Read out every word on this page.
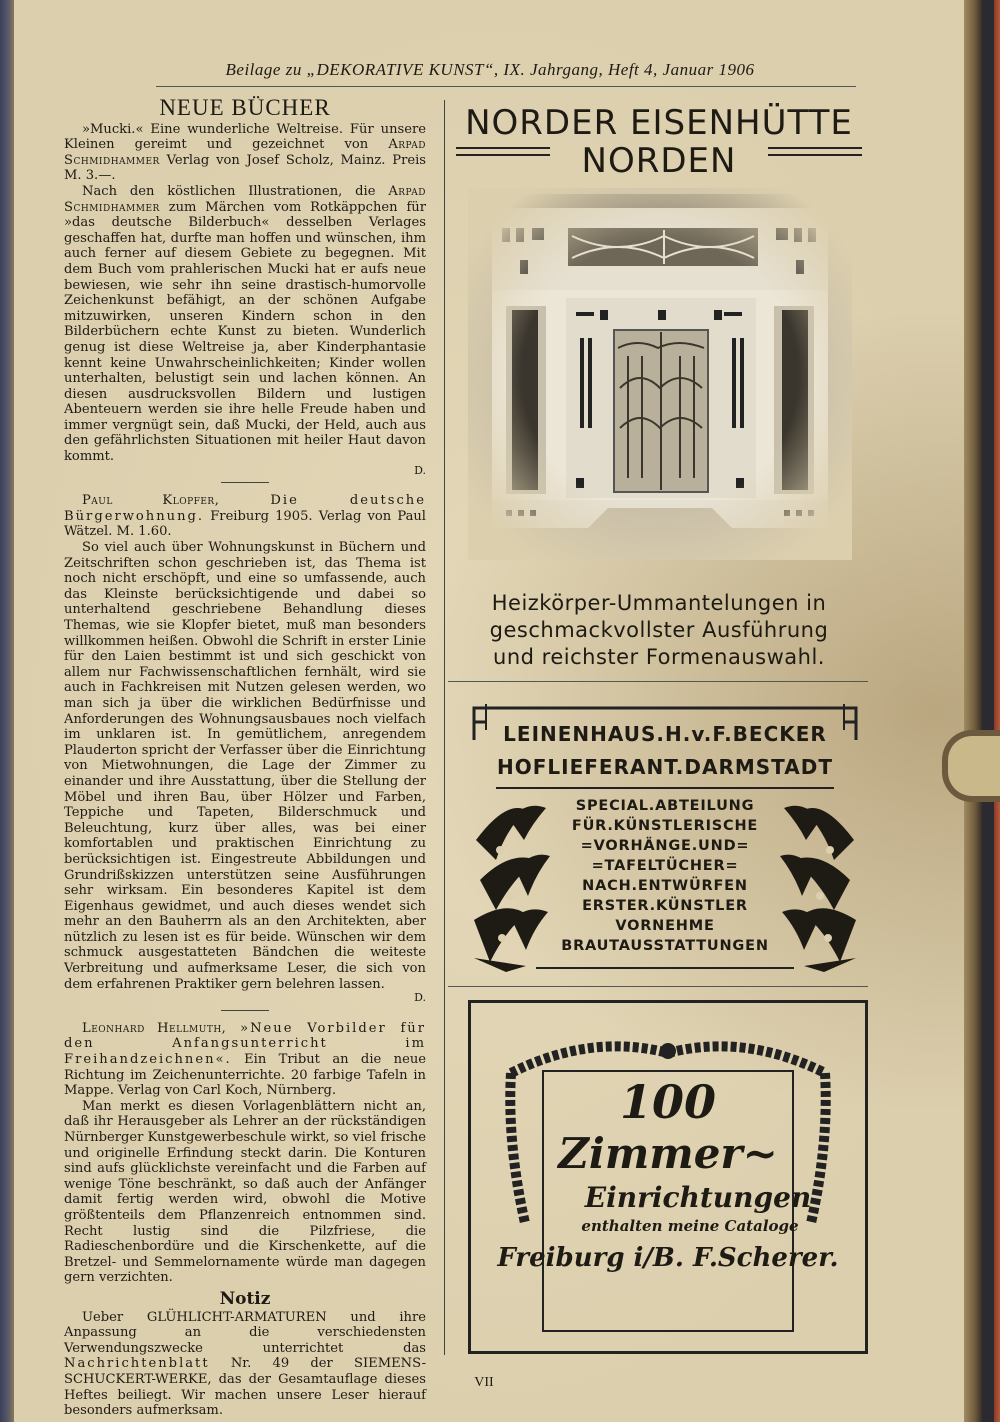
Beilage zu „DEKORATIVE KUNST“, IX. Jahrgang, Heft 4, Januar 1906
NEUE BÜCHER

»Mucki.« Eine wunderliche Weltreise. Für unsere Kleinen gereimt und gezeichnet von Arpad Schmidhammer Verlag von Josef Scholz, Mainz. Preis M. 3.—.

Nach den köstlichen Illustrationen, die Arpad Schmidhammer zum Märchen vom Rotkäppchen für »das deutsche Bilderbuch« desselben Verlages geschaffen hat, durfte man hoffen und wünschen, ihm auch ferner auf diesem Gebiete zu begegnen. Mit dem Buch vom prahlerischen Mucki hat er aufs neue bewiesen, wie sehr ihn seine drastisch-humorvolle Zeichenkunst befähigt, an der schönen Aufgabe mitzuwirken, unseren Kindern schon in den Bilderbüchern echte Kunst zu bieten. Wunderlich genug ist diese Weltreise ja, aber Kinderphantasie kennt keine Unwahrscheinlichkeiten; Kinder wollen unterhalten, belustigt sein und lachen können. An diesen ausdrucksvollen Bildern und lustigen Abenteuern werden sie ihre helle Freude haben und immer vergnügt sein, daß Mucki, der Held, auch aus den gefährlichsten Situationen mit heiler Haut davon kommt.

D.

Paul Klopfer, Die deutsche Bürgerwohnung. Freiburg 1905. Verlag von Paul Wätzel. M. 1.60.

So viel auch über Wohnungskunst in Büchern und Zeitschriften schon geschrieben ist, das Thema ist noch nicht erschöpft, und eine so umfassende, auch das Kleinste berücksichtigende und dabei so unterhaltend geschriebene Behandlung dieses Themas, wie sie Klopfer bietet, muß man besonders willkommen heißen. Obwohl die Schrift in erster Linie für den Laien bestimmt ist und sich geschickt von allem nur Fachwissenschaftlichen fernhält, wird sie auch in Fachkreisen mit Nutzen gelesen werden, wo man sich ja über die wirklichen Bedürfnisse und Anforderungen des Wohnungsausbaues noch vielfach im unklaren ist. In gemütlichem, anregendem Plauderton spricht der Verfasser über die Einrichtung von Mietwohnungen, die Lage der Zimmer zu einander und ihre Ausstattung, über die Stellung der Möbel und ihren Bau, über Hölzer und Farben, Teppiche und Tapeten, Bilderschmuck und Beleuchtung, kurz über alles, was bei einer komfortablen und praktischen Einrichtung zu berücksichtigen ist. Eingestreute Abbildungen und Grundrißskizzen unterstützen seine Ausführungen sehr wirksam. Ein besonderes Kapitel ist dem Eigenhaus gewidmet, und auch dieses wendet sich mehr an den Bauherrn als an den Architekten, aber nützlich zu lesen ist es für beide. Wünschen wir dem schmuck ausgestatteten Bändchen die weiteste Verbreitung und aufmerksame Leser, die sich von dem erfahrenen Praktiker gern belehren lassen.

D.

Leonhard Hellmuth, »Neue Vorbilder für den Anfangsunterricht im Freihandzeichnen«. Ein Tribut an die neue Richtung im Zeichenunterrichte. 20 farbige Tafeln in Mappe. Verlag von Carl Koch, Nürnberg.

Man merkt es diesen Vorlagenblättern nicht an, daß ihr Herausgeber als Lehrer an der rückständigen Nürnberger Kunstgewerbeschule wirkt, so viel frische und originelle Erfindung steckt darin. Die Konturen sind aufs glücklichste vereinfacht und die Farben auf wenige Töne beschränkt, so daß auch der Anfänger damit fertig werden wird, obwohl die Motive größtenteils dem Pflanzenreich entnommen sind. Recht lustig sind die Pilzfriese, die Radieschenbordüre und die Kirschenkette, auf die Bretzel- und Semmelornamente würde man dagegen gern verzichten.

Notiz

Ueber GLÜHLICHT-ARMATUREN und ihre Anpassung an die verschiedensten Verwendungszwecke unterrichtet das Nachrichtenblatt Nr. 49 der SIEMENS-SCHUCKERT-WERKE, das der Gesamtauflage dieses Heftes beiliegt. Wir machen unsere Leser hierauf besonders aufmerksam.

NORDER EISENHÜTTE
NORDEN
Heizkörper-Ummantelungen in
geschmackvollster Ausführung
und reichster Formenauswahl.
LEINENHAUS.H.v.F.BECKER
HOFLIEFERANT.DARMSTADT
SPECIAL.ABTEILUNG
FÜR.KÜNSTLERISCHE
=VORHÄNGE.UND=
=TAFELTÜCHER=
NACH.ENTWÜRFEN
ERSTER.KÜNSTLER
VORNEHME
BRAUTAUSSTATTUNGEN
100
Zimmer~
Einrichtungen
enthalten meine Cataloge
Freiburg i/B. F.Scherer.
VII
